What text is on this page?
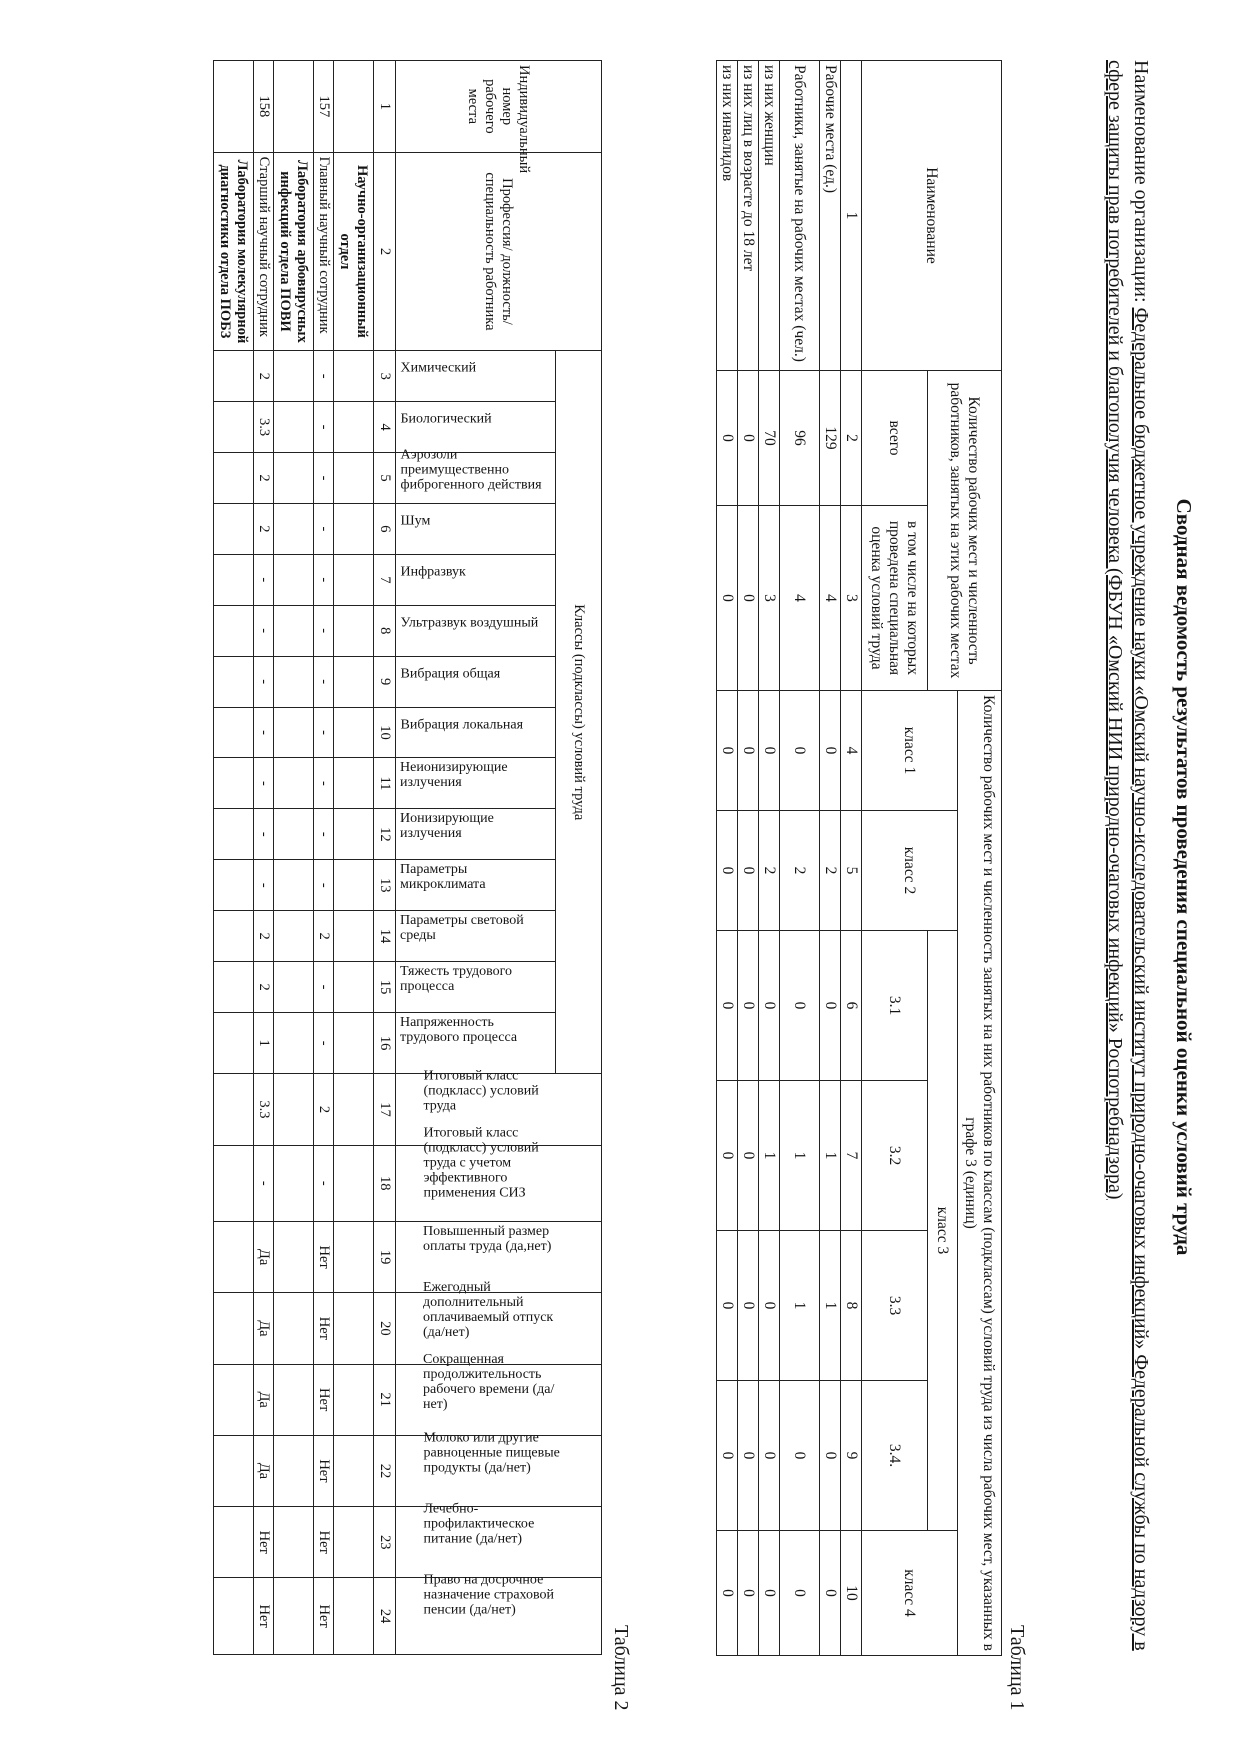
Сводная ведомость результатов проведения специальной оценки условий труда
Наименование организации: Федеральное бюджетное учреждение науки «Омский научно-исследовательский институт природно-очаговых инфекций» Федеральной службы по надзору в сфере защиты прав потребителей и благополучия человека (ФБУН «Омский НИИ природно-очаговых инфекций» Роспотребнадзора)
Таблица 1
Наименование	Количество рабочих мест и численность работников, занятых на этих рабочих местах		Количество рабочих мест и численность занятых на них работников по классам (подклассам) условий труда из числа рабочих мест, указанных в графе 3 (единиц)						
			класс 1	класс 2	класс 3				класс 4
	всего	в том числе на которых проведена специальная оценка условий труда			3.1	3.2	3.3	3.4.	
1	2	3	4	5	6	7	8	9	10
Рабочие места (ед.)	129	4	0	2	0	1	1	0	0
Работники, занятые на рабочих местах (чел.)	96	4	0	2	0	1	1	0	0
из них женщин	70	3	0	2	0	1	0	0	0
из них лиц в возрасте до 18 лет	0	0	0	0	0	0	0	0	0
из них инвалидов	0	0	0	0	0	0	0	0	0
Таблица 2
Индивидуальный номер рабочего места	Профессия/ должность/ специальность работника	Классы (подклассы) условий труда														Итоговый класс (подкласс) условий труда	Итоговый класс (подкласс) условий труда с учетом эффективного применения СИЗ	Повышенный размер оплаты труда (да,нет)	Ежегодный дополнительный оплачиваемый отпуск (да/нет)	Сокращенная продолжительность рабочего времени (да/нет)	Молоко или другие равноценные пищевые продукты (да/нет)	Лечебно-профилактическое питание (да/нет)	Право на досрочное назначение страховой пенсии (да/нет)

		Химический	Биологический	Аэрозоли преимущественно фиброгенного действия	Шум	Инфразвук	Ультразвук воздушный	Вибрация общая	Вибрация локальная	Неионизирующие излучения	Ионизирующие излучения	Параметры микроклимата	Параметры световой среды	Тяжесть трудового процесса	Напряженность трудового процесса								

1	2	3	4	5	6	7	8	9	10	11	12	13	14	15	16	17	18	19	20	21	22	23	24
	Научно-организационный отдел																						
157	Главный научный сотрудник	-	-	-	-	-	-	-	-	-	-	-	2	-	-	2	-	Нет	Нет	Нет	Нет	Нет	Нет
	Лаборатория арбовирусных инфекций отдела ПОВИ																						
158	Старший научный сотрудник	2	3.3	2	2	-	-	-	-	-	-	-	2	2	1	3.3	-	Да	Да	Да	Да	Нет	Нет
	Лаборатория молекулярной диагностики отдела ПОБЗ																						
